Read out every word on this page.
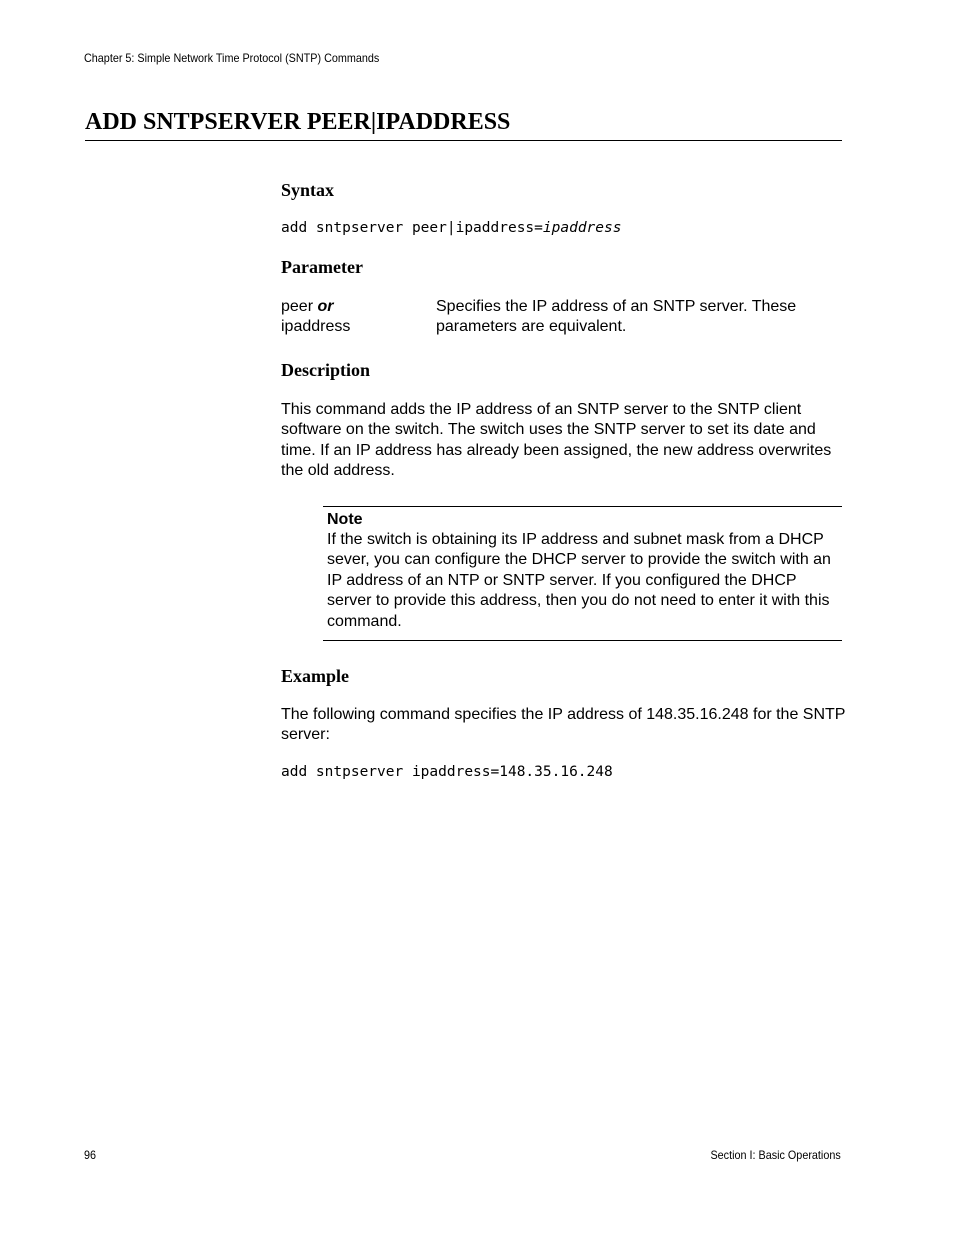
Chapter 5: Simple Network Time Protocol (SNTP) Commands
ADD SNTPSERVER PEER|IPADDRESS
Syntax
add sntpserver peer|ipaddress=ipaddress
Parameter
peer or
ipaddress
Specifies the IP address of an SNTP server. These parameters are equivalent.
Description
This command adds the IP address of an SNTP server to the SNTP client software on the switch. The switch uses the SNTP server to set its date and time. If an IP address has already been assigned, the new address overwrites the old address.
Note
If the switch is obtaining its IP address and subnet mask from a DHCP sever, you can configure the DHCP server to provide the switch with an IP address of an NTP or SNTP server. If you configured the DHCP server to provide this address, then you do not need to enter it with this command.
Example
The following command specifies the IP address of 148.35.16.248 for the SNTP server:
add sntpserver ipaddress=148.35.16.248
96	Section I: Basic Operations
